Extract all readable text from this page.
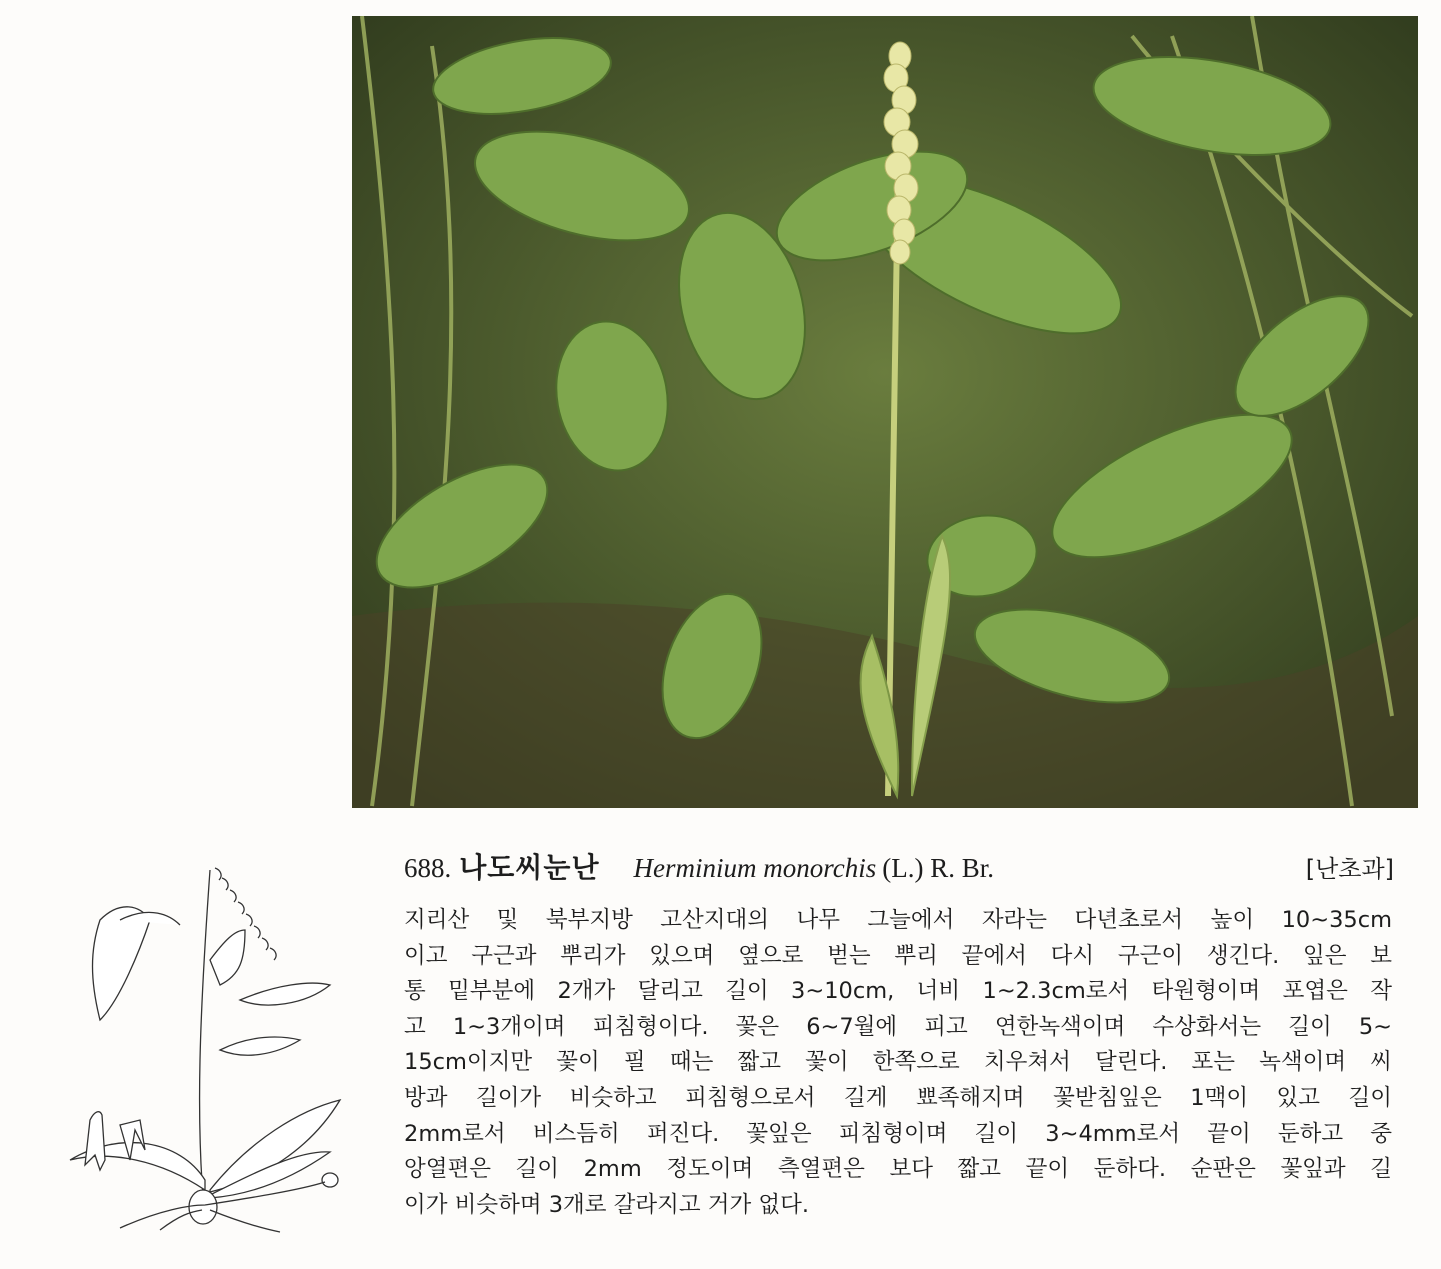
688. 나도씨눈난 Herminium monorchis (L.) R. Br.	[난초과]
지리산 및 북부지방 고산지대의 나무 그늘에서 자라는 다년초로서 높이 10~35cm
이고 구근과 뿌리가 있으며 옆으로 벋는 뿌리 끝에서 다시 구근이 생긴다. 잎은 보
통 밑부분에 2개가 달리고 길이 3~10cm, 너비 1~2.3cm로서 타원형이며 포엽은 작
고 1~3개이며 피침형이다. 꽃은 6~7월에 피고 연한녹색이며 수상화서는 길이 5~
15cm이지만 꽃이 필 때는 짧고 꽃이 한쪽으로 치우쳐서 달린다. 포는 녹색이며 씨
방과 길이가 비슷하고 피침형으로서 길게 뾰족해지며 꽃받침잎은 1맥이 있고 길이
2mm로서 비스듬히 퍼진다. 꽃잎은 피침형이며 길이 3~4mm로서 끝이 둔하고 중
앙열편은 길이 2mm 정도이며 측열편은 보다 짧고 끝이 둔하다. 순판은 꽃잎과 길
이가 비슷하며 3개로 갈라지고 거가 없다.
